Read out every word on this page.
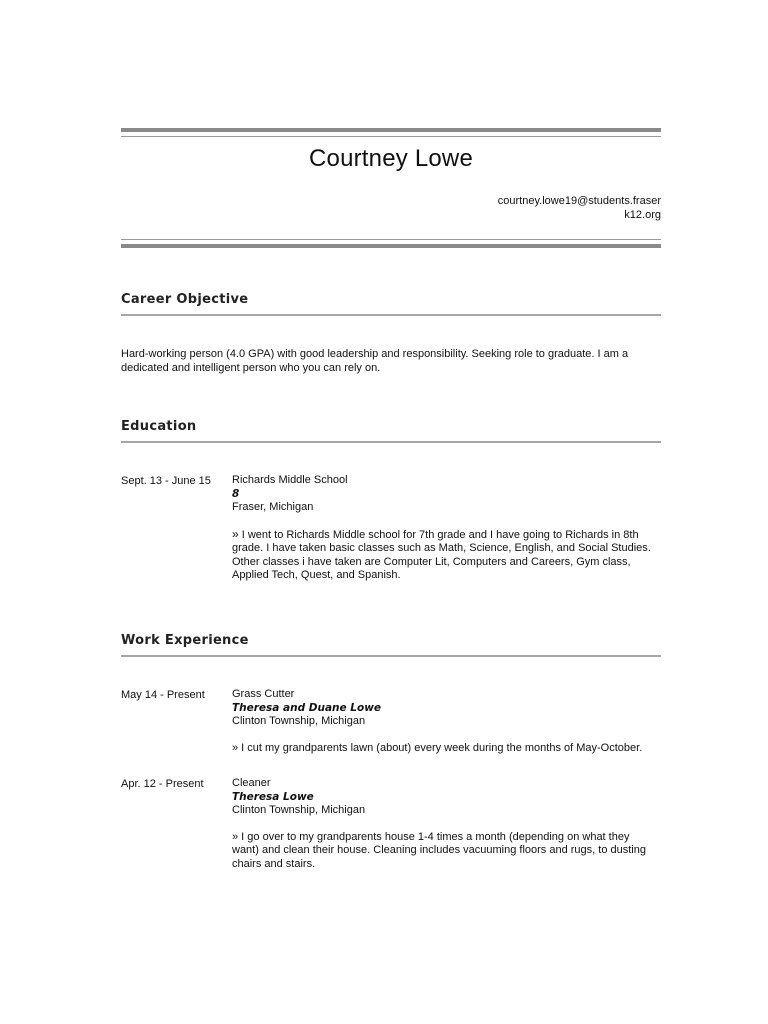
Courtney Lowe
courtney.lowe19@students.fraser
k12.org
Career Objective
Hard-working person (4.0 GPA) with good leadership and responsibility. Seeking role to graduate. I am a
dedicated and intelligent person who you can rely on.
Education
Sept. 13 - June 15 Richards Middle School
8
Fraser, Michigan
» I went to Richards Middle school for 7th grade and I have going to Richards in 8th
grade. I have taken basic classes such as Math, Science, English, and Social Studies.
Other classes i have taken are Computer Lit, Computers and Careers, Gym class,
Applied Tech, Quest, and Spanish.
Work Experience
May 14 - Present Grass Cutter
Theresa and Duane Lowe
Clinton Township, Michigan
» I cut my grandparents lawn (about) every week during the months of May-October.
Apr. 12 - Present	Cleaner
Theresa Lowe
Clinton Township, Michigan
» I go over to my grandparents house 1-4 times a month (depending on what they
want) and clean their house. Cleaning includes vacuuming floors and rugs, to dusting
chairs and stairs.
